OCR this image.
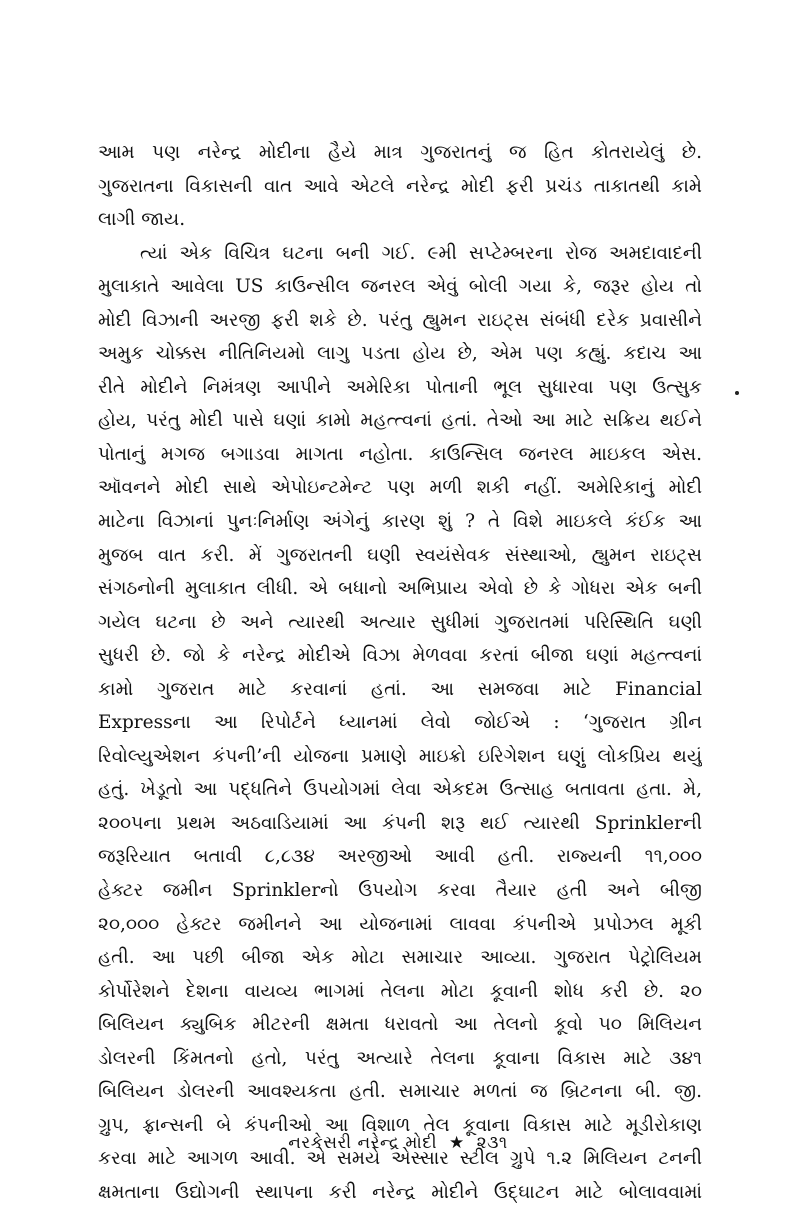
આમ પણ નરેન્દ્ર મોદીના હૈયે માત્ર ગુજરાતનું જ હિત કોતરાયેલું છે.
ગુજરાતના વિકાસની વાત આવે એટલે નરેન્દ્ર મોદી ફરી પ્રચંડ તાકાતથી કામે
લાગી જાય.
ત્યાં એક વિચિત્ર ઘટના બની ગઈ. ૯મી સપ્ટેમ્બરના રોજ અમદાવાદની
મુલાકાતે આવેલા US કાઉન્સીલ જનરલ એવું બોલી ગયા કે, જરૂર હોય તો
મોદી વિઝાની અરજી ફરી શકે છે. પરંતુ હ્યુમન રાઇટ્સ સંબંધી દરેક પ્રવાસીને
અમુક ચોક્કસ નીતિનિયમો લાગુ પડતા હોય છે, એમ પણ કહ્યું. કદાચ આ
રીતે મોદીને નિમંત્રણ આપીને અમેરિકા પોતાની ભૂલ સુધારવા પણ ઉત્સુક
હોય, પરંતુ મોદી પાસે ઘણાં કામો મહત્ત્વનાં હતાં. તેઓ આ માટે સક્રિય થઈને
પોતાનું મગજ બગાડવા માગતા નહોતા. કાઉન્સિલ જનરલ માઇકલ એસ.
ઑવનને મોદી સાથે એપોઇન્ટમેન્ટ પણ મળી શકી નહીં. અમેરિકાનું મોદી
માટેના વિઝાનાં પુનઃનિર્માણ અંગેનું કારણ શું ? તે વિશે માઇકલે કંઈક આ
મુજબ વાત કરી. મેં ગુજરાતની ઘણી સ્વયંસેવક સંસ્થાઓ, હ્યુમન રાઇટ્સ
સંગઠનોની મુલાકાત લીધી. એ બધાનો અભિપ્રાય એવો છે કે ગોધરા એક બની
ગયેલ ઘટના છે અને ત્યારથી અત્યાર સુધીમાં ગુજરાતમાં પરિસ્થિતિ ઘણી
સુધરી છે. જો કે નરેન્દ્ર મોદીએ વિઝા મેળવવા કરતાં બીજા ઘણાં મહત્ત્વનાં
કામો ગુજરાત માટે કરવાનાં હતાં. આ સમજવા માટે Financial
Expressના આ રિપોર્ટને ધ્યાનમાં લેવો જોઈએ : ‘ગુજરાત ગ્રીન
રિવોલ્યુએશન કંપની’ની યોજના પ્રમાણે માઇક્રો ઇરિગેશન ઘણું લોકપ્રિય થયું
હતું. ખેડૂતો આ પદ્ધતિને ઉપયોગમાં લેવા એકદમ ઉત્સાહ બતાવતા હતા. મે,
૨૦૦૫ના પ્રથમ અઠવાડિયામાં આ કંપની શરૂ થઈ ત્યારથી Sprinklerની
જરૂરિયાત બતાવી ૮,૮૩૪ અરજીઓ આવી હતી. રાજ્યની ૧૧,૦૦૦
હેક્ટર જમીન Sprinklerનો ઉપયોગ કરવા તૈયાર હતી અને બીજી
૨૦,૦૦૦ હેક્ટર જમીનને આ યોજનામાં લાવવા કંપનીએ પ્રપોઝલ મૂકી
હતી. આ પછી બીજા એક મોટા સમાચાર આવ્યા. ગુજરાત પેટ્રોલિયમ
કોર્પોરેશને દેશના વાયવ્ય ભાગમાં તેલના મોટા કૂવાની શોધ કરી છે. ૨૦
બિલિયન ક્યુબિક મીટરની ક્ષમતા ધરાવતો આ તેલનો કૂવો ૫૦ મિલિયન
ડોલરની કિંમતનો હતો, પરંતુ અત્યારે તેલના કૂવાના વિકાસ માટે ૩૪૧
બિલિયન ડોલરની આવશ્યકતા હતી. સમાચાર મળતાં જ બ્રિટનના બી. જી.
ગ્રુપ, ફ્રાન્સની બે કંપનીઓ આ વિશાળ તેલ કૂવાના વિકાસ માટે મૂડીરોકાણ
કરવા માટે આગળ આવી. એ સમયે એસ્સાર સ્ટીલ ગ્રુપે ૧.૨ મિલિયન ટનની
ક્ષમતાના ઉદ્યોગની સ્થાપના કરી નરેન્દ્ર મોદીને ઉદ્ઘાટન માટે બોલાવવામાં
નરકેસરી નરેન્દ્ર મોદી ★ ૨૩૧
